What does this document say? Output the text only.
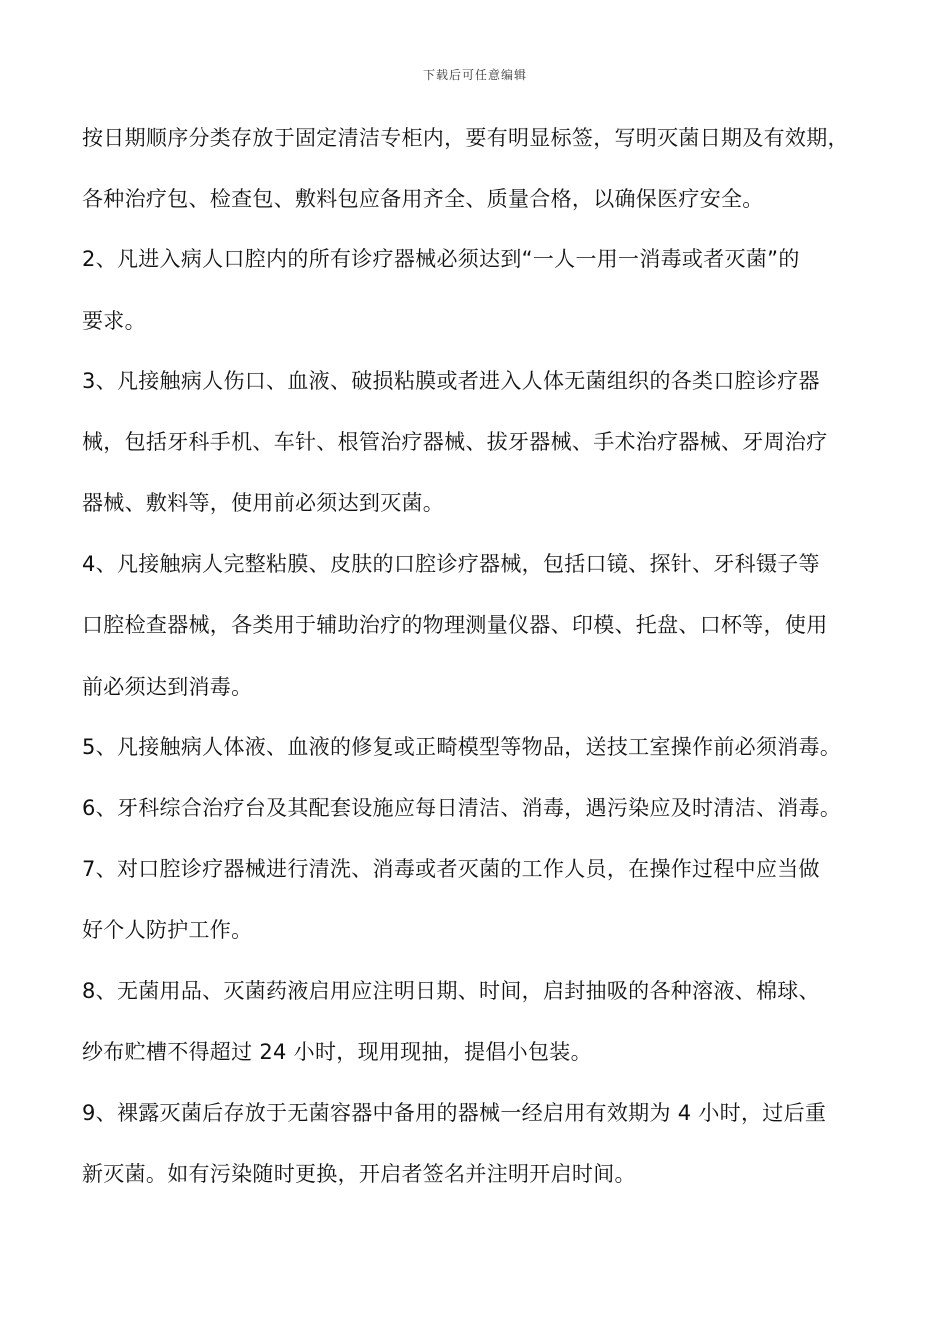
下载后可任意编辑
按日期顺序分类存放于固定清洁专柜内，要有明显标签，写明灭菌日期及有效期，
各种治疗包、检查包、敷料包应备用齐全、质量合格，以确保医疗安全。
2、凡进入病人口腔内的所有诊疗器械必须达到“一人一用一消毒或者灭菌”的
要求。
3、凡接触病人伤口、血液、破损粘膜或者进入人体无菌组织的各类口腔诊疗器
械，包括牙科手机、车针、根管治疗器械、拔牙器械、手术治疗器械、牙周治疗
器械、敷料等，使用前必须达到灭菌。
4、凡接触病人完整粘膜、皮肤的口腔诊疗器械，包括口镜、探针、牙科镊子等
口腔检查器械，各类用于辅助治疗的物理测量仪器、印模、托盘、口杯等，使用
前必须达到消毒。
5、凡接触病人体液、血液的修复或正畸模型等物品，送技工室操作前必须消毒。
6、牙科综合治疗台及其配套设施应每日清洁、消毒，遇污染应及时清洁、消毒。
7、对口腔诊疗器械进行清洗、消毒或者灭菌的工作人员，在操作过程中应当做
好个人防护工作。
8、无菌用品、灭菌药液启用应注明日期、时间，启封抽吸的各种溶液、棉球、
纱布贮槽不得超过 24 小时，现用现抽，提倡小包装。
9、裸露灭菌后存放于无菌容器中备用的器械一经启用有效期为 4 小时，过后重
新灭菌。如有污染随时更换，开启者签名并注明开启时间。
